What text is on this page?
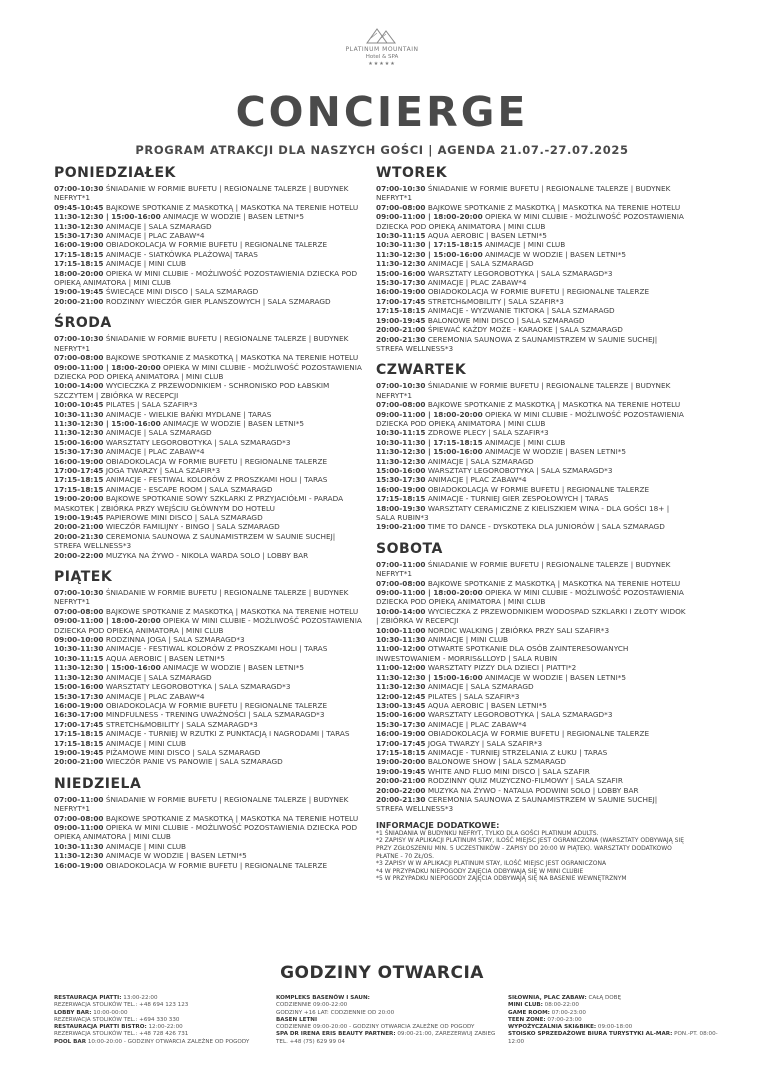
PLATINUM MOUNTAIN
Hotel & SPA
★★★★★
CONCIERGE
PROGRAM ATRAKCJI DLA NASZYCH GOŚCI | AGENDA 21.07.-27.07.2025
PONIEDZIAŁEK
07:00-10:30 ŚNIADANIE W FORMIE BUFETU | REGIONALNE TALERZE | BUDYNEK NEFRYT*1
09:45-10:45 BAJKOWE SPOTKANIE Z MASKOTKĄ | MASKOTKA NA TERENIE HOTELU
11:30-12:30 | 15:00-16:00 ANIMACJE W WODZIE | BASEN LETNI*5
11:30-12:30 ANIMACJE | SALA SZMARAGD
15:30-17:30 ANIMACJE | PLAC ZABAW*4
16:00-19:00 OBIADOKOLACJA W FORMIE BUFETU | REGIONALNE TALERZE
17:15-18:15 ANIMACJE - SIATKÓWKA PLAŻOWA| TARAS
17:15-18:15 ANIMACJE | MINI CLUB
18:00-20:00 OPIEKA W MINI CLUBIE - MOŻLIWOŚĆ POZOSTAWIENIA DZIECKA POD OPIEKĄ ANIMATORA | MINI CLUB
19:00-19:45 ŚWIECĄCE MINI DISCO | SALA SZMARAGD
20:00-21:00 RODZINNY WIECZÓR GIER PLANSZOWYCH | SALA SZMARAGD
ŚRODA
07:00-10:30 ŚNIADANIE W FORMIE BUFETU | REGIONALNE TALERZE | BUDYNEK NEFRYT*1
07:00-08:00 BAJKOWE SPOTKANIE Z MASKOTKĄ | MASKOTKA NA TERENIE HOTELU
09:00-11:00 | 18:00-20:00 OPIEKA W MINI CLUBIE - MOŻLIWOŚĆ POZOSTAWIENIA DZIECKA POD OPIEKĄ ANIMATORA | MINI CLUB
10:00-14:00 WYCIECZKA Z PRZEWODNIKIEM - SCHRONISKO POD ŁABSKIM SZCZYTEM | ZBIÓRKA W RECEPCJI
10:00-10:45 PILATES | SALA SZAFIR*3
10:30-11:30 ANIMACJE - WIELKIE BAŃKI MYDLANE | TARAS
11:30-12:30 | 15:00-16:00 ANIMACJE W WODZIE | BASEN LETNI*5
11:30-12:30 ANIMACJE | SALA SZMARAGD
15:00-16:00 WARSZTATY LEGOROBOTYKA | SALA SZMARAGD*3
15:30-17:30 ANIMACJE | PLAC ZABAW*4
16:00-19:00 OBIADOKOLACJA W FORMIE BUFETU | REGIONALNE TALERZE
17:00-17:45 JOGA TWARZY | SALA SZAFIR*3
17:15-18:15 ANIMACJE - FESTIWAL KOLORÓW Z PROSZKAMI HOLI | TARAS
17:15-18:15 ANIMACJE - ESCAPE ROOM | SALA SZMARAGD
19:00-20:00 BAJKOWE SPOTKANIE SOWY SZKLARKI Z PRZYJACIÓŁMI - PARADA MASKOTEK | ZBIÓRKA PRZY WEJŚCIU GŁÓWNYM DO HOTELU
19:00-19:45 PAPIEROWE MINI DISCO | SALA SZMARAGD
20:00-21:00 WIECZÓR FAMILIJNY - BINGO | SALA SZMARAGD
20:00-21:30 CEREMONIA SAUNOWA Z SAUNAMISTRZEM W SAUNIE SUCHEJ| STREFA WELLNESS*3
20:00-22:00 MUZYKA NA ŻYWO - NIKOLA WARDA SOLO | LOBBY BAR
PIĄTEK
07:00-10:30 ŚNIADANIE W FORMIE BUFETU | REGIONALNE TALERZE | BUDYNEK NEFRYT*1
07:00-08:00 BAJKOWE SPOTKANIE Z MASKOTKĄ | MASKOTKA NA TERENIE HOTELU
09:00-11:00 | 18:00-20:00 OPIEKA W MINI CLUBIE - MOŻLIWOŚĆ POZOSTAWIENIA DZIECKA POD OPIEKĄ ANIMATORA | MINI CLUB
09:00-10:00 RODZINNA JOGA | SALA SZMARAGD*3
10:30-11:30 ANIMACJE - FESTIWAL KOLORÓW Z PROSZKAMI HOLI | TARAS
10:30-11:15 AQUA AEROBIC | BASEN LETNI*5
11:30-12:30 | 15:00-16:00 ANIMACJE W WODZIE | BASEN LETNI*5
11:30-12:30 ANIMACJE | SALA SZMARAGD
15:00-16:00 WARSZTATY LEGOROBOTYKA | SALA SZMARAGD*3
15:30-17:30 ANIMACJE | PLAC ZABAW*4
16:00-19:00 OBIADOKOLACJA W FORMIE BUFETU | REGIONALNE TALERZE
16:30-17:00 MINDFULNESS - TRENING UWAŻNOŚCI | SALA SZMARAGD*3
17:00-17:45 STRETCH&MOBILITY | SALA SZMARAGD*3
17:15-18:15 ANIMACJE - TURNIEJ W RZUTKI Z PUNKTACJĄ I NAGRODAMI | TARAS
17:15-18:15 ANIMACJE | MINI CLUB
19:00-19:45 PIŻAMOWE MINI DISCO | SALA SZMARAGD
20:00-21:00 WIECZÓR PANIE VS PANOWIE | SALA SZMARAGD
NIEDZIELA
07:00-11:00 ŚNIADANIE W FORMIE BUFETU | REGIONALNE TALERZE | BUDYNEK NEFRYT*1
07:00-08:00 BAJKOWE SPOTKANIE Z MASKOTKĄ | MASKOTKA NA TERENIE HOTELU
09:00-11:00 OPIEKA W MINI CLUBIE - MOŻLIWOŚĆ POZOSTAWIENIA DZIECKA POD OPIEKĄ ANIMATORA | MINI CLUB
10:30-11:30 ANIMACJE | MINI CLUB
11:30-12:30 ANIMACJE W WODZIE | BASEN LETNI*5
16:00-19:00 OBIADOKOLACJA W FORMIE BUFETU | REGIONALNE TALERZE
WTOREK
07:00-10:30 ŚNIADANIE W FORMIE BUFETU | REGIONALNE TALERZE | BUDYNEK NEFRYT*1
07:00-08:00 BAJKOWE SPOTKANIE Z MASKOTKĄ | MASKOTKA NA TERENIE HOTELU
09:00-11:00 | 18:00-20:00 OPIEKA W MINI CLUBIE - MOŻLIWOŚĆ POZOSTAWIENIA DZIECKA POD OPIEKĄ ANIMATORA | MINI CLUB
10:30-11:15 AQUA AEROBIC | BASEN LETNI*5
10:30-11:30 | 17:15-18:15 ANIMACJE | MINI CLUB
11:30-12:30 | 15:00-16:00 ANIMACJE W WODZIE | BASEN LETNI*5
11:30-12:30 ANIMACJE | SALA SZMARAGD
15:00-16:00 WARSZTATY LEGOROBOTYKA | SALA SZMARAGD*3
15:30-17:30 ANIMACJE | PLAC ZABAW*4
16:00-19:00 OBIADOKOLACJA W FORMIE BUFETU | REGIONALNE TALERZE
17:00-17:45 STRETCH&MOBILITY | SALA SZAFIR*3
17:15-18:15 ANIMACJE - WYZWANIE TIKTOKA | SALA SZMARAGD
19:00-19:45 BALONOWE MINI DISCO | SALA SZMARAGD
20:00-21:00 ŚPIEWAĆ KAŻDY MOŻE - KARAOKE | SALA SZMARAGD
20:00-21:30 CEREMONIA SAUNOWA Z SAUNAMISTRZEM W SAUNIE SUCHEJ| STREFA WELLNESS*3
CZWARTEK
07:00-10:30 ŚNIADANIE W FORMIE BUFETU | REGIONALNE TALERZE | BUDYNEK NEFRYT*1
07:00-08:00 BAJKOWE SPOTKANIE Z MASKOTKĄ | MASKOTKA NA TERENIE HOTELU
09:00-11:00 | 18:00-20:00 OPIEKA W MINI CLUBIE - MOŻLIWOŚĆ POZOSTAWIENIA DZIECKA POD OPIEKĄ ANIMATORA | MINI CLUB
10:30-11:15 ZDROWE PLECY | SALA SZAFIR*3
10:30-11:30 | 17:15-18:15 ANIMACJE | MINI CLUB
11:30-12:30 | 15:00-16:00 ANIMACJE W WODZIE | BASEN LETNI*5
11:30-12:30 ANIMACJE | SALA SZMARAGD
15:00-16:00 WARSZTATY LEGOROBOTYKA | SALA SZMARAGD*3
15:30-17:30 ANIMACJE | PLAC ZABAW*4
16:00-19:00 OBIADOKOLACJA W FORMIE BUFETU | REGIONALNE TALERZE
17:15-18:15 ANIMACJE - TURNIEJ GIER ZESPOŁOWYCH | TARAS
18:00-19:30 WARSZTATY CERAMICZNE Z KIELISZKIEM WINA - DLA GOŚCI 18+ | SALA RUBIN*3
19:00-21:00 TIME TO DANCE - DYSKOTEKA DLA JUNIORÓW | SALA SZMARAGD
SOBOTA
07:00-11:00 ŚNIADANIE W FORMIE BUFETU | REGIONALNE TALERZE | BUDYNEK NEFRYT*1
07:00-08:00 BAJKOWE SPOTKANIE Z MASKOTKĄ | MASKOTKA NA TERENIE HOTELU
09:00-11:00 | 18:00-20:00 OPIEKA W MINI CLUBIE - MOŻLIWOŚĆ POZOSTAWIENIA DZIECKA POD OPIEKĄ ANIMATORA | MINI CLUB
10:00-14:00 WYCIECZKA Z PRZEWODNIKIEM WODOSPAD SZKLARKI I ZŁOTY WIDOK | ZBIÓRKA W RECEPCJI
10:00-11:00 NORDIC WALKING | ZBIÓRKA PRZY SALI SZAFIR*3
10:30-11:30 ANIMACJE | MINI CLUB
11:00-12:00 OTWARTE SPOTKANIE DLA OSÓB ZAINTERESOWANYCH INWESTOWANIEM - MORRIS&LLOYD | SALA RUBIN
11:00-12:00 WARSZTATY PIZZY DLA DZIECI | PIATTI*2
11:30-12:30 | 15:00-16:00 ANIMACJE W WODZIE | BASEN LETNI*5
11:30-12:30 ANIMACJE | SALA SZMARAGD
12:00-12:45 PILATES | SALA SZAFIR*3
13:00-13:45 AQUA AEROBIC | BASEN LETNI*5
15:00-16:00 WARSZTATY LEGOROBOTYKA | SALA SZMARAGD*3
15:30-17:30 ANIMACJE | PLAC ZABAW*4
16:00-19:00 OBIADOKOLACJA W FORMIE BUFETU | REGIONALNE TALERZE
17:00-17:45 JOGA TWARZY | SALA SZAFIR*3
17:15-18:15 ANIMACJE - TURNIEJ STRZELANIA Z ŁUKU | TARAS
19:00-20:00 BALONOWE SHOW | SALA SZMARAGD
19:00-19:45 WHITE AND FLUO MINI DISCO | SALA SZAFIR
20:00-21:00 RODZINNY QUIZ MUZYCZNO-FILMOWY | SALA SZAFIR
20:00-22:00 MUZYKA NA ŻYWO - NATALIA PODWINI SOLO | LOBBY BAR
20:00-21:30 CEREMONIA SAUNOWA Z SAUNAMISTRZEM W SAUNIE SUCHEJ| STREFA WELLNESS*3
INFORMACJE DODATKOWE:
*1 ŚNIADANIA W BUDYNKU NEFRYT, TYLKO DLA GOŚCI PLATINUM ADULTS.
*2 ZAPISY W APLIKACJI PLATINUM STAY, ILOŚĆ MIEJSC JEST OGRANICZONA (WARSZTATY ODBYWAJĄ SIĘ PRZY ZGŁOSZENIU MIN. 5 UCZESTNIKÓW - ZAPISY DO 20:00 W PIĄTEK). WARSZTATY DODATKOWO PŁATNE - 70 ZŁ/OS.
*3 ZAPISY W W APLIKACJI PLATINUM STAY, ILOŚĆ MIEJSC JEST OGRANICZONA
*4 W PRZYPADKU NIEPOGODY ZAJĘCIA ODBYWAJĄ SIĘ W MINI CLUBIE
*5 W PRZYPADKU NIEPOGODY ZAJĘCIA ODBYWAJĄ SIĘ NA BASENIE WEWNĘTRZNYM
GODZINY OTWARCIA
RESTAURACJA PIATTI: 13:00-22:00
REZERWACJA STOLIKÓW TEL.: +48 694 123 123
LOBBY BAR: 10:00-00:00
REZERWACJA STOLIKÓW TEL.: +694 330 330
RESTAURACJA PIATTI BISTRO: 12:00-22:00
REZERWACJA STOLIKÓW TEL.: +48 728 426 731
POOL BAR 10:00-20:00 - GODZINY OTWARCIA ZALEŻNE OD POGODY
KOMPLEKS BASENÓW I SAUN:
CODZIENNIE 09:00-22:00
GODZINY +16 LAT: CODZIENNIE OD 20:00
BASEN LETNI
CODZIENNIE 09:00-20:00 - GODZINY OTWARCIA ZALEŻNE OD POGODY
SPA DR IRENA ERIS BEAUTY PARTNER: 09:00-21:00, ZAREZERWUJ ZABIEG TEL. +48 (75) 629 99 04
SIŁOWNIA, PLAC ZABAW: CAŁĄ DOBĘ
MINI CLUB: 08:00-22:00
GAME ROOM: 07:00-23:00
TEEN ZONE: 07:00-23:00
WYPOŻYCZALNIA SKI&BIKE: 09:00-18:00
STOISKO SPRZEDAŻOWE BIURA TURYSTYKI AL-MAR: PON.-PT. 08:00-12:00
